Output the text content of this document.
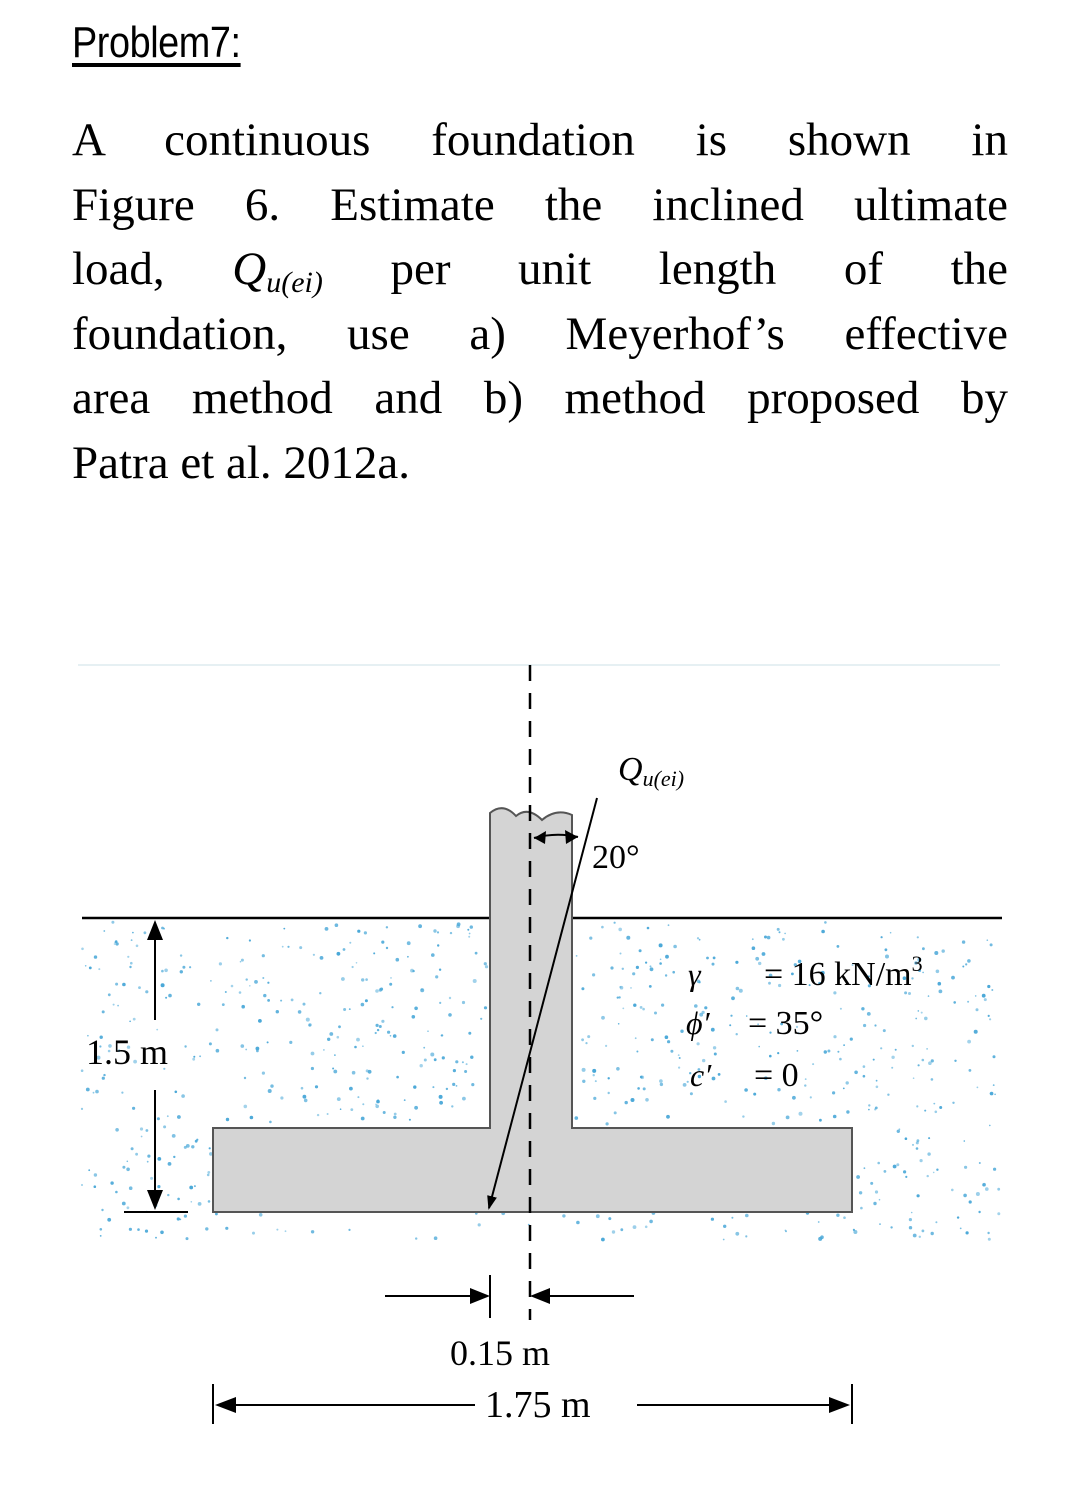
Problem7:
A continuous foundation is shown in
Figure 6. Estimate the inclined ultimate
load, $Q_{u(ei)}$ per unit length of the
foundation, use a) Meyerhof’s effective
area method and b) method proposed by
Patra et al. 2012a.
Qu(ei)
20°
1.5 m
γ = 16 $kN/m^3$
ϕ′ = 35°
c′ = 0
0.15 m
1.75 m
